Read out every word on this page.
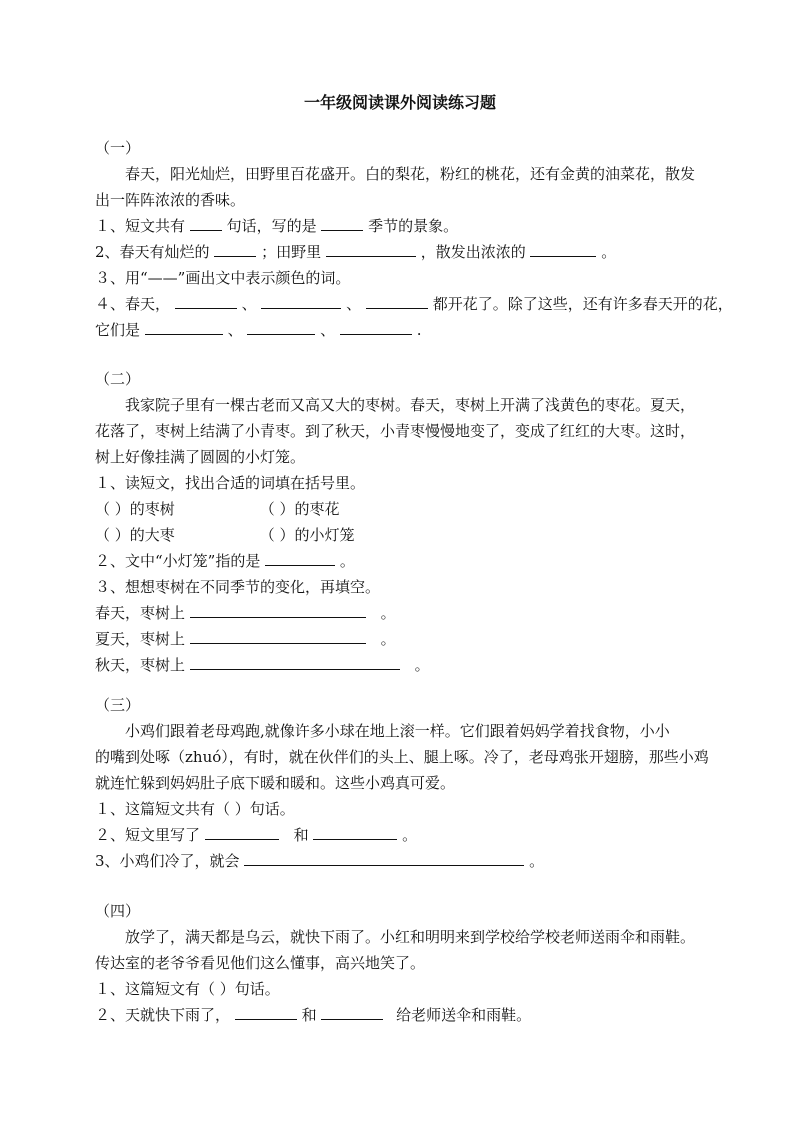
一年级阅读课外阅读练习题
（一）
春天，阳光灿烂，田野里百花盛开。白的梨花，粉红的桃花，还有金黄的油菜花，散发
出一阵阵浓浓的香味。
１、短文共有	句话，写的是	季节的景象。
2、春天有灿烂的	；田野里	，散发出浓浓的	。
３、用“——”画出文中表示颜色的词。
４、春天，	、	、	都开花了。除了这些，还有许多春天开的花，
它们是	、	、	.
（二）
我家院子里有一棵古老而又高又大的枣树。春天，枣树上开满了浅黄色的枣花。夏天，
花落了，枣树上结满了小青枣。到了秋天，小青枣慢慢地变了，变成了红红的大枣。这时，
树上好像挂满了圆圆的小灯笼。
１、读短文，找出合适的词填在括号里。
（ ）的枣树	（ ）的枣花
（ ）的大枣	（ ）的小灯笼
２、文中“小灯笼”指的是	。
３、想想枣树在不同季节的变化，再填空。
春天，枣树上	。
夏天，枣树上	。
秋天，枣树上	。
（三）
小鸡们跟着老母鸡跑,就像许多小球在地上滚一样。它们跟着妈妈学着找食物，小小
的嘴到处啄（zhuó），有时，就在伙伴们的头上、腿上啄。冷了，老母鸡张开翅膀，那些小鸡
就连忙躲到妈妈肚子底下暖和暖和。这些小鸡真可爱。
１、这篇短文共有（ ）句话。
２、短文里写了	和	。
3、小鸡们冷了，就会	。
（四）
放学了，满天都是乌云，就快下雨了。小红和明明来到学校给学校老师送雨伞和雨鞋。
传达室的老爷爷看见他们这么懂事，高兴地笑了。
１、这篇短文有（ ）句话。
２、天就快下雨了，	和	给老师送伞和雨鞋。
